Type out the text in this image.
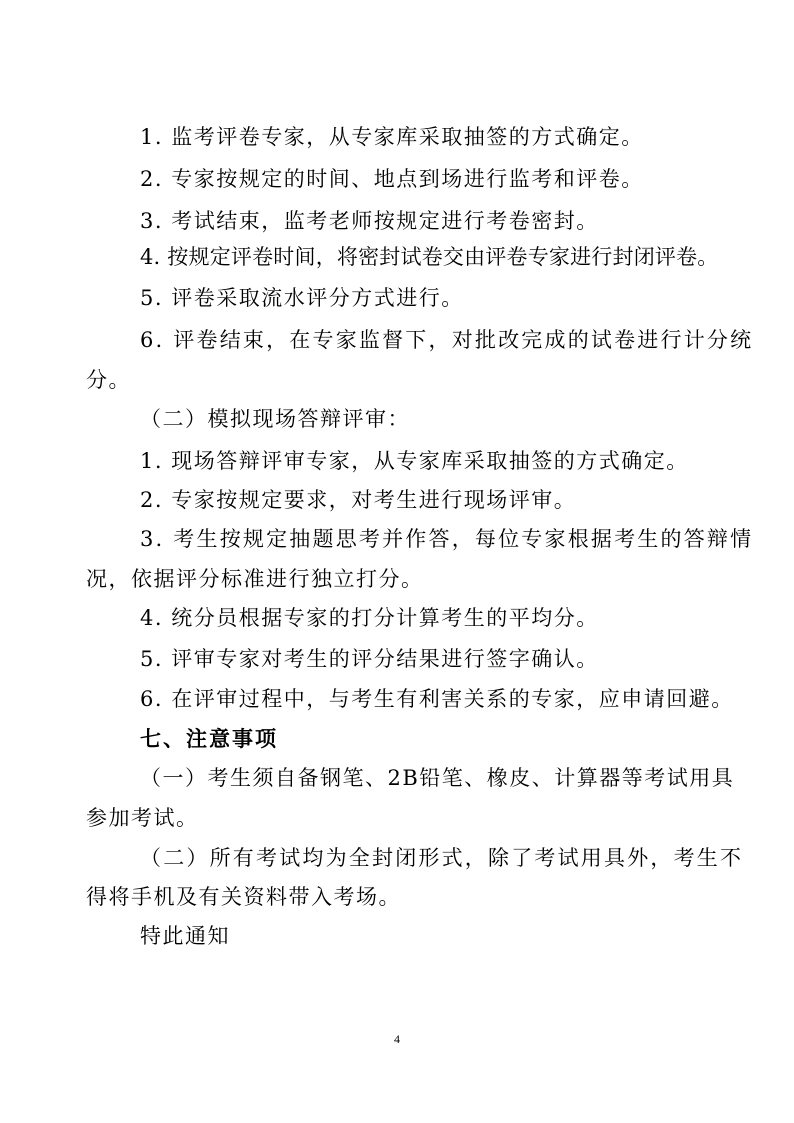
1. 监考评卷专家，从专家库采取抽签的方式确定。
2. 专家按规定的时间、地点到场进行监考和评卷。
3. 考试结束，监考老师按规定进行考卷密封。
4. 按规定评卷时间，将密封试卷交由评卷专家进行封闭评卷。
5. 评卷采取流水评分方式进行。
6. 评卷结束，在专家监督下，对批改完成的试卷进行计分统
分。
（二）模拟现场答辩评审：
1. 现场答辩评审专家，从专家库采取抽签的方式确定。
2. 专家按规定要求，对考生进行现场评审。
3. 考生按规定抽题思考并作答，每位专家根据考生的答辩情
况，依据评分标准进行独立打分。
4. 统分员根据专家的打分计算考生的平均分。
5. 评审专家对考生的评分结果进行签字确认。
6. 在评审过程中，与考生有利害关系的专家，应申请回避。
七、注意事项
（一）考生须自备钢笔、2B铅笔、橡皮、计算器等考试用具
参加考试。
（二）所有考试均为全封闭形式，除了考试用具外，考生不
得将手机及有关资料带入考场。
特此通知
4
